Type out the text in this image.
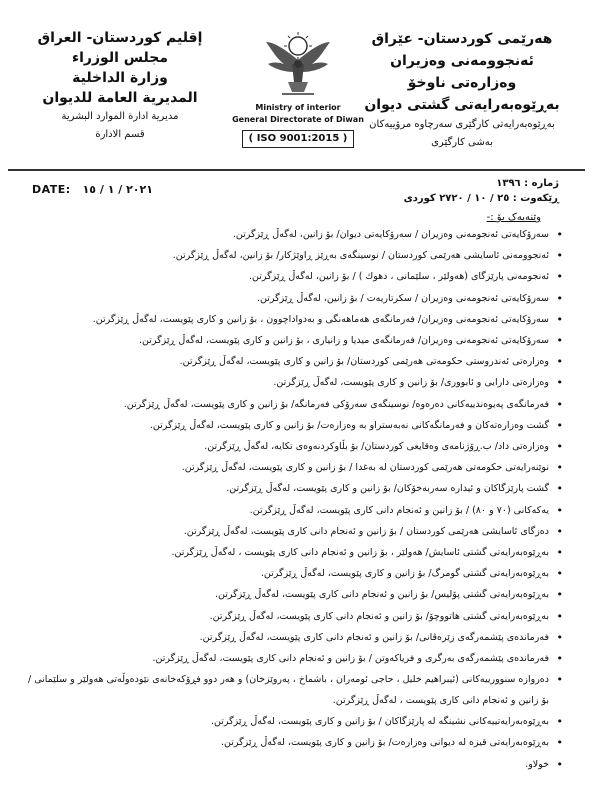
هەرێمی کوردستان- عێراق
ئەنجوومەنی وەزیران
وەزارەتی ناوخۆ
بەڕێوەبەرایەتی گشتی دیوان
بەڕێوەبەرایەتی کارگێری سەرچاوە مرۆییەکان
بەشی کارگێری
Ministry of interior
General Directorate of Diwan
( ISO 9001:2015 )
إقليم كوردستان- العراق
مجلس الوزراء
وزارة الداخلية
المديرية العامة للديوان
مديرية ادارة الموارد البشرية
قسم الادارة
ژمارە : ١٣٩٦
ڕێکەوت : ٢٥ / ١٠ / ٢٧٢٠ کوردی
DATE: ٢٠٢١ / ١ / ١٥
وێنەیەک بۆ :-
• سەرۆکایەتی ئەنجومەنی وەزیران / سەرۆکایەتی دیوان/ بۆ زانین، لەگەڵ ڕێزگرتن.
• ئەنجوومەنی ئاسایشی هەرێمی کوردستان / نوسینگەی بەڕێز ڕاوێژکار/ بۆ زانین، لەگەڵ ڕێزگرتن.
• ئەنجومەنی پارێزگای (هەولێر ، سلێمانی ، دهوك ) / بۆ زانین، لەگەڵ ڕێزگرتن.
• سەرۆکایەتی ئەنجومەنی وەزیران / سکرتاریەت / بۆ زانین، لەگەڵ ڕێزگرتن.
• سەرۆکایەتی ئەنجومەنی وەزیران/ فەرمانگەی هەماهەنگی و بەدواداچوون ، بۆ زانین و کاری پێویست، لەگەڵ ڕێزگرتن.
• سەرۆکایەتی ئەنجومەنی وەزیران/ فەرمانگەی میدیا و زانیاری ، بۆ زانین و کاری پێویست، لەگەڵ ڕێزگرتن.
• وەزارەتی ئەندروستی حکومەتی هەرێمی کوردستان/ بۆ زانین و کاری پێویست، لەگەڵ ڕێزگرتن.
• وەزارەتی دارایی و ئابووری/ بۆ زانین و کاری پێویست، لەگەڵ ڕێزگرتن.
• فەرمانگەی پەیوەندییەکانی دەرەوە/ نوسینگەی سەرۆکی فەرمانگە/ بۆ زانین و کاری پێویست، لەگەڵ ڕێزگرتن.
• گشت وەزارەتەکان و فەرمانگەکانی نەبەستراو بە وەزارەت/ بۆ زانین و کاری پێویست، لەگەڵ ڕێزگرتن.
• وەزارەتی داد/ ب.ڕۆژنامەی وەقایعی کوردستان/ بۆ بڵاوکردنەوەی تکایە، لەگەڵ ڕێزگرتن.
• نوێنەرایەتی حکومەتی هەرێمی کوردستان لە بەغدا / بۆ زانین و کاری پێویست، لەگەڵ ڕێزگرتن.
• گشت پارێزگاکان و ئیدارە سەربەخۆکان/ بۆ زانین و کاری پێویست، لەگەڵ ڕێزگرتن.
• یەکەکانی (٧٠ و ٨٠) / بۆ زانین و ئەنجام دانی کاری پێویست، لەگەڵ ڕێزگرتن.
• دەزگای ئاسایشی هەرێمی کوردستان / بۆ زانین و ئەنجام دانی کاری پێویست، لەگەڵ ڕێزگرتن.
• بەڕێوەبەرایەتی گشتی ئاسایش/ هەولێر ، بۆ زانین و ئەنجام دانی کاری پێویست ، لەگەڵ ڕێزگرتن.
• بەڕێوەبەرایەتی گشتی گومرگ/ بۆ زانین و کاری پێویست، لەگەڵ ڕێزگرتن.
• بەڕێوەبەرایەتی گشتی پۆلیس/ بۆ زانین و ئەنجام دانی کاری پێویست، لەگەڵ ڕێزگرتن.
• بەڕێوەبەرایەتی گشتی هاتووچۆ/ بۆ زانین و ئەنجام دانی کاری پێویست، لەگەڵ ڕێزگرتن.
• فەرماندەی پێشمەرگەی زێرەڤانی/ بۆ زانین و ئەنجام دانی کاری پێویست، لەگەڵ ڕێزگرتن.
• فەرماندەی پێشمەرگەی بەرگری و فریاکەوتن / بۆ زانین و ئەنجام دانی کاری پێویست، لەگەڵ ڕێزگرتن.
• دەروازە سنوورییەکانی (ئیبراهیم خلیل ، حاجی ئومەران ، باشماخ ، پەروێزخان) و هەر دوو فڕۆکەخانەی نێودەوڵەتی هەولێر و سلێمانی / بۆ زانین و ئەنجام دانی کاری پێویست ، لەگەڵ ڕێزگرتن.
• بەڕێوەبەرایەتییەکانی نشینگە لە پارێزگاکان / بۆ زانین و کاری پێویست، لەگەڵ ڕێزگرتن.
• بەڕێوەبەرایەتی قیزە لە دیوانی وەزارەت/ بۆ زانین و کاری پێویست، لەگەڵ ڕێزگرتن.
• خولاو.
